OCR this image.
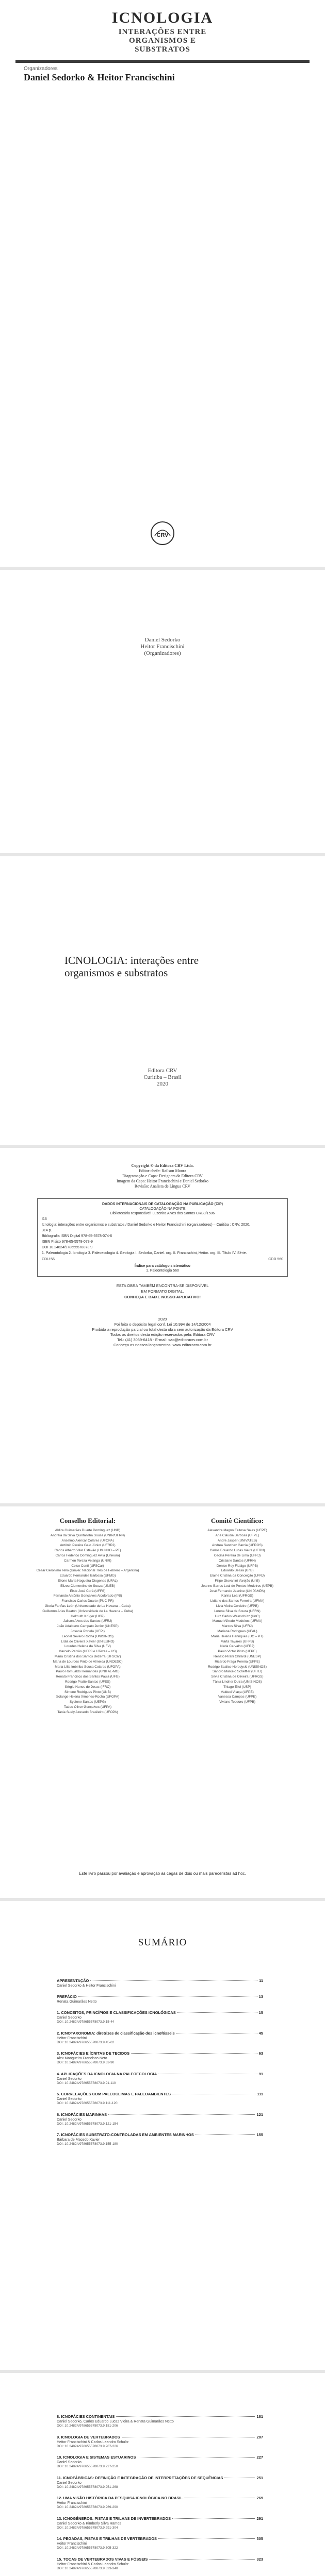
ICNOLOGIA
INTERAÇÕES ENTRE
ORGANISMOS E
SUBSTRATOS
Organizadores
Daniel Sedorko & Heitor Francischini
CRV
Daniel Sedorko
Heitor Francischini
(Organizadores)
ICNOLOGIA: interações entre
organismos e substratos
Editora CRV
Curitiba – Brasil
2020
Copyright © da Editora CRV Ltda.
Editor-chefe: Railson Moura
Diagramação e Capa: Designers da Editora CRV
Imagem da Capa: Heitor Francischini e Daniel Sedorko
Revisão: Analista de Língua CRV
DADOS INTERNACIONAIS DE CATALOGAÇÃO NA PUBLICAÇÃO (CIP)
CATALOGAÇÃO NA FONTE
Bibliotecária responsável: Luzenira Alves dos Santos CRB9/1506
I16
Icnologia: interações entre organismos e substratos / Daniel Sedorko e Heitor Francischini (organizadores) – Curitiba : CRV, 2020.
314 p.
Bibliografia ISBN Digital 978-65-5578-074-6
ISBN Físico 978-65-5578-073-9
DOI 10.24824/978655578073.9
1. Paleontologia 2. Icnologia 3. Paleoecologia 4. Geologia I. Sedorko, Daniel. org. II. Francischini, Heitor. org. III. Título IV. Série.
CDU 56	CDD 560
Índice para catálogo sistemático
1. Paleontologia 560
ESTA OBRA TAMBÉM ENCONTRA-SE DISPONÍVEL
EM FORMATO DIGITAL.
CONHEÇA E BAIXE NOSSO APLICATIVO!
2020
Foi feito o depósito legal conf. Lei 10.994 de 14/12/2004
Proibida a reprodução parcial ou total desta obra sem autorização da Editora CRV
Todos os direitos desta edição reservados pela: Editora CRV
Tel.: (41) 3039-6418 - E-mail: sac@editoracrv.com.br
Conheça os nossos lançamentos: www.editoracrv.com.br
Conselho Editorial:
Aldira Guimarães Duarte Domínguez (UNB)
Andréia da Silva Quintanilha Sousa (UNIR/UFRN)
Anselmo Alencar Colares (UFOPA)
Antônio Pereira Gaio Júnior (UFRRJ)
Carlos Alberto Vilar Estêvão (UMINHO – PT)
Carlos Federico Dominguez Avila (Unieuro)
Carmen Tereza Velanga (UNIR)
Celso Conti (UFSCar)
Cesar Gerónimo Tello (Univer. Nacional Três de Febrero – Argentina)
Eduardo Fernandes Barbosa (UFMG)
Elione Maria Nogueira Diogenes (UFAL)
Elizeu Clementino de Souza (UNEB)
Élsio José Corá (UFFS)
Fernando Antônio Gonçalves Alcoforado (IPB)
Francisco Carlos Duarte (PUC-PR)
Gloria Fariñas León (Universidade de La Havana – Cuba)
Guillermo Arias Beatón (Universidade de La Havana – Cuba)
Helmuth Krüger (UCP)
Jailson Alves dos Santos (UFRJ)
João Adalberto Campato Junior (UNESP)
Josania Portela (UFPI)
Leonel Severo Rocha (UNISINOS)
Lídia de Oliveira Xavier (UNIEURO)
Lourdes Helena da Silva (UFV)
Marcelo Paixão (UFRJ e UTexas – US)
Maria Cristina dos Santos Bezerra (UFSCar)
Maria de Lourdes Pinto de Almeida (UNOESC)
Maria Lília Imbiriba Sousa Colares (UFOPA)
Paulo Romualdo Hernandes (UNIFAL-MG)
Renato Francisco dos Santos Paula (UFG)
Rodrigo Pratte-Santos (UFES)
Sérgio Nunes de Jesus (IFRO)
Simone Rodrigues Pinto (UNB)
Solange Helena Ximenes-Rocha (UFOPA)
Sydione Santos (UEPG)
Tadeu Oliver Gonçalves (UFPA)
Tania Suely Azevedo Brasileiro (UFOPA)
Comitê Científico:
Alexandre Magno Feitosa Sales (UFPE)
Ana Cláudia Barbosa (UFPE)
Andre Jasper (UNIVATES)
Andrea Sanchez Garcia (UFRGS)
Carlos Eduardo Lucas Vieira (UFRN)
Cecília Pereira de Lima (UFRJ)
Cristiane Santos (UFRN)
Denise Rey Fidalgo (UFPB)
Eduardo Bessa (UnB)
Elaine Cristina da Conceição (UFRJ)
Filipe Giovanini Varejão (UnB)
Jeanne Barros Leal de Pontes Medeiros (UEPB)
José Fernando Jeanine (UNIPAMPA)
Karina Leal (UFRGS)
Lidiane dos Santos Ferreira (UFMA)
Lívia Vieira Cordeiro (UFPB)
Lorena Silva de Souza (UFRN)
Luiz Carlos Weinschütz (UnC)
Manuel Alfredo Medeiros (UFMA)
Marcos Silva (UFRJ)
Mariana Rodrigues (UFAL)
Maria Helena Henriques (UC – PT)
Marta Tavares (UFPB)
Narla Carvalho (UFRJ)
Paulo Victor Pinto (UFPE)
Renato Pirani Ghilardi (UNESP)
Ricardo Fraga Pereira (UFPE)
Rodrigo Scalise Horodyski (UNISINOS)
Sandro Marcelo Scheffler (UFRJ)
Silvia Cristina de Oliveira (UFRGS)
Tânia Lindner Dutra (UNISINOS)
Thiago Eliel (USP)
Valdeci Vilaça (UFPE)
Vanessa Campos (UFPE)
Viviane Teodoro (UFPB)
Este livro passou por avaliação e aprovação às cegas de dois ou mais pareceristas ad hoc.
SUMÁRIO
APRESENTAÇÃO	11
Daniel Sedorko & Heitor Francischini
PREFÁCIO	13
Renata Guimarães Netto
1. CONCEITOS, PRINCÍPIOS E CLASSIFICAÇÕES ICNOLÓGICAS	15
Daniel Sedorko
DOI: 10.24824/978655578073.9.15-44
2. ICNOTAXONOMIA: diretrizes de classificação dos icnofósseis	45
Heitor Francischini
DOI: 10.24824/978655578073.9.45-62
3. ICNOFÁCIES E ÍCNITAS DE TECIDOS	63
Alex Mangueira Francisco Neto
DOI: 10.24824/978655578073.9.63-90
4. APLICAÇÕES DA ICNOLOGIA NA PALEOECOLOGIA	91
Daniel Sedorko
DOI: 10.24824/978655578073.9.91-110
5. CORRELAÇÕES COM PALEOCLIMAS E PALEOAMBIENTES	111
Daniel Sedorko
DOI: 10.24824/978655578073.9.111-120
6. ICNOFÁCIES MARINHAS	121
Daniel Sedorko
DOI: 10.24824/978655578073.9.121-154
7. ICNOFÁCIES SUBSTRATO-CONTROLADAS EM AMBIENTES MARINHOS	155
Bárbara de Macedo Xavier
DOI: 10.24824/978655578073.9.155-180
8. ICNOFÁCIES CONTINENTAIS	181
Daniel Sedorko, Carlos Eduardo Lucas Vieira & Renata Guimarães Netto
DOI: 10.24824/978655578073.9.181-206
9. ICNOLOGIA DE VERTEBRADOS	207
Heitor Francischini & Carlos Leandro Schultz
DOI: 10.24824/978655578073.9.207-226
10. ICNOLOGIA E SISTEMAS ESTUARINOS	227
Daniel Sedorko
DOI: 10.24824/978655578073.9.227-250
11. ICNOFÁBRICAS: DEFINIÇÃO E INTEGRAÇÃO DE INTERPRETAÇÕES DE SEQUÊNCIAS	251
Daniel Sedorko
DOI: 10.24824/978655578073.9.251-268
12. UMA VISÃO HISTÓRICA DA PESQUISA ICNOLÓGICA NO BRASIL	269
Heitor Francischini
DOI: 10.24824/978655578073.9.269-290
13. ICNOGÊNEROS: PISTAS E TRILHAS DE INVERTEBRADOS	291
Daniel Sedorko & Kimberly Silva Ramos
DOI: 10.24824/978655578073.9.291-304
14. PEGADAS, PISTAS E TRILHAS DE VERTEBRADOS	305
Heitor Francischini
DOI: 10.24824/978655578073.9.305-322
15. TOCAS DE VERTEBRADOS VIVAS E FÓSSEIS	323
Heitor Francischini & Carlos Leandro Schultz
DOI: 10.24824/978655578073.9.323-340
